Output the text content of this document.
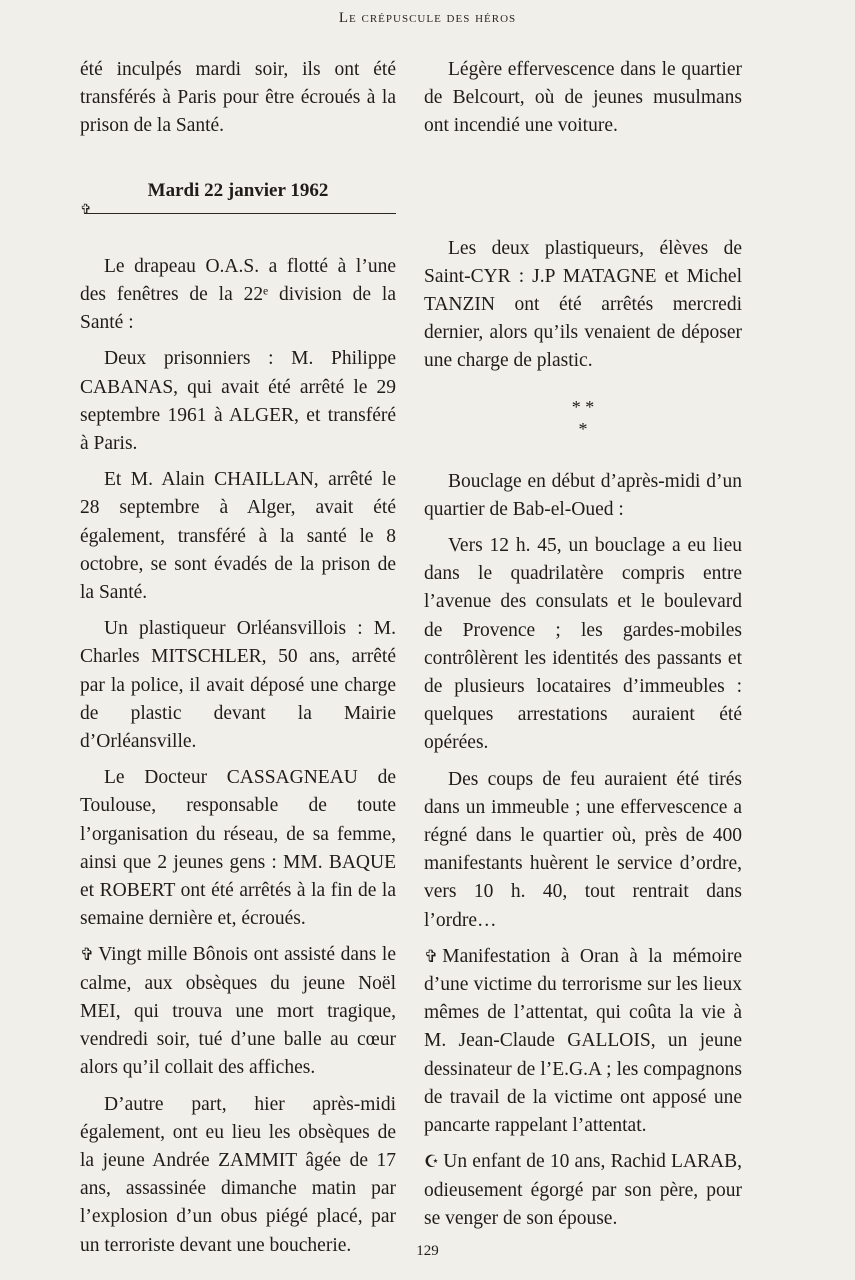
Le crépuscule des héros

été inculpés mardi soir, ils ont été transférés à Paris pour être écroués à la prison de la Santé.

Mardi 22 janvier 1962
✞

Le drapeau O.A.S. a flotté à l’une des fenêtres de la 22ᵉ division de la Santé :

Deux prisonniers : M. Philippe CABANAS, qui avait été arrêté le 29 septembre 1961 à ALGER, et transféré à Paris.

Et M. Alain CHAILLAN, arrêté le 28 septembre à Alger, avait été également, transféré à la santé le 8 octobre, se sont évadés de la prison de la Santé.

Un plastiqueur Orléansvillois : M. Charles MITSCHLER, 50 ans, arrêté par la police, il avait déposé une charge de plastic devant la Mairie d’Orléansville.

Le Docteur CASSAGNEAU de Toulouse, responsable de toute l’organisation du réseau, de sa femme, ainsi que 2 jeunes gens : MM. BAQUE et ROBERT ont été arrêtés à la fin de la semaine dernière et, écroués.

✞ Vingt mille Bônois ont assisté dans le calme, aux obsèques du jeune Noël MEI, qui trouva une mort tragique, vendredi soir, tué d’une balle au cœur alors qu’il collait des affiches.

D’autre part, hier après-midi également, ont eu lieu les obsèques de la jeune Andrée ZAMMIT âgée de 17 ans, assassinée dimanche matin par l’explosion d’un obus piégé placé, par un terroriste devant une boucherie.

Légère effervescence dans le quartier de Belcourt, où de jeunes musulmans ont incendié une voiture.

Les deux plastiqueurs, élèves de Saint-CYR : J.P MATAGNE et Michel TANZIN ont été arrêtés mercredi dernier, alors qu’ils venaient de déposer une charge de plastic.

* *
*

Bouclage en début d’après-midi d’un quartier de Bab-el-Oued :

Vers 12 h. 45, un bouclage a eu lieu dans le quadrilatère compris entre l’avenue des consulats et le boulevard de Provence ; les gardes-mobiles contrôlèrent les identités des passants et de plusieurs locataires d’immeubles : quelques arrestations auraient été opérées.

Des coups de feu auraient été tirés dans un immeuble ; une effervescence a régné dans le quartier où, près de 400 manifestants huèrent le service d’ordre, vers 10 h. 40, tout rentrait dans l’ordre…

✞ Manifestation à Oran à la mémoire d’une victime du terrorisme sur les lieux mêmes de l’attentat, qui coûta la vie à M. Jean-Claude GALLOIS, un jeune dessinateur de l’E.G.A ; les compagnons de travail de la victime ont apposé une pancarte rappelant l’attentat.

☪ Un enfant de 10 ans, Rachid LARAB, odieusement égorgé par son père, pour se venger de son épouse.

129
